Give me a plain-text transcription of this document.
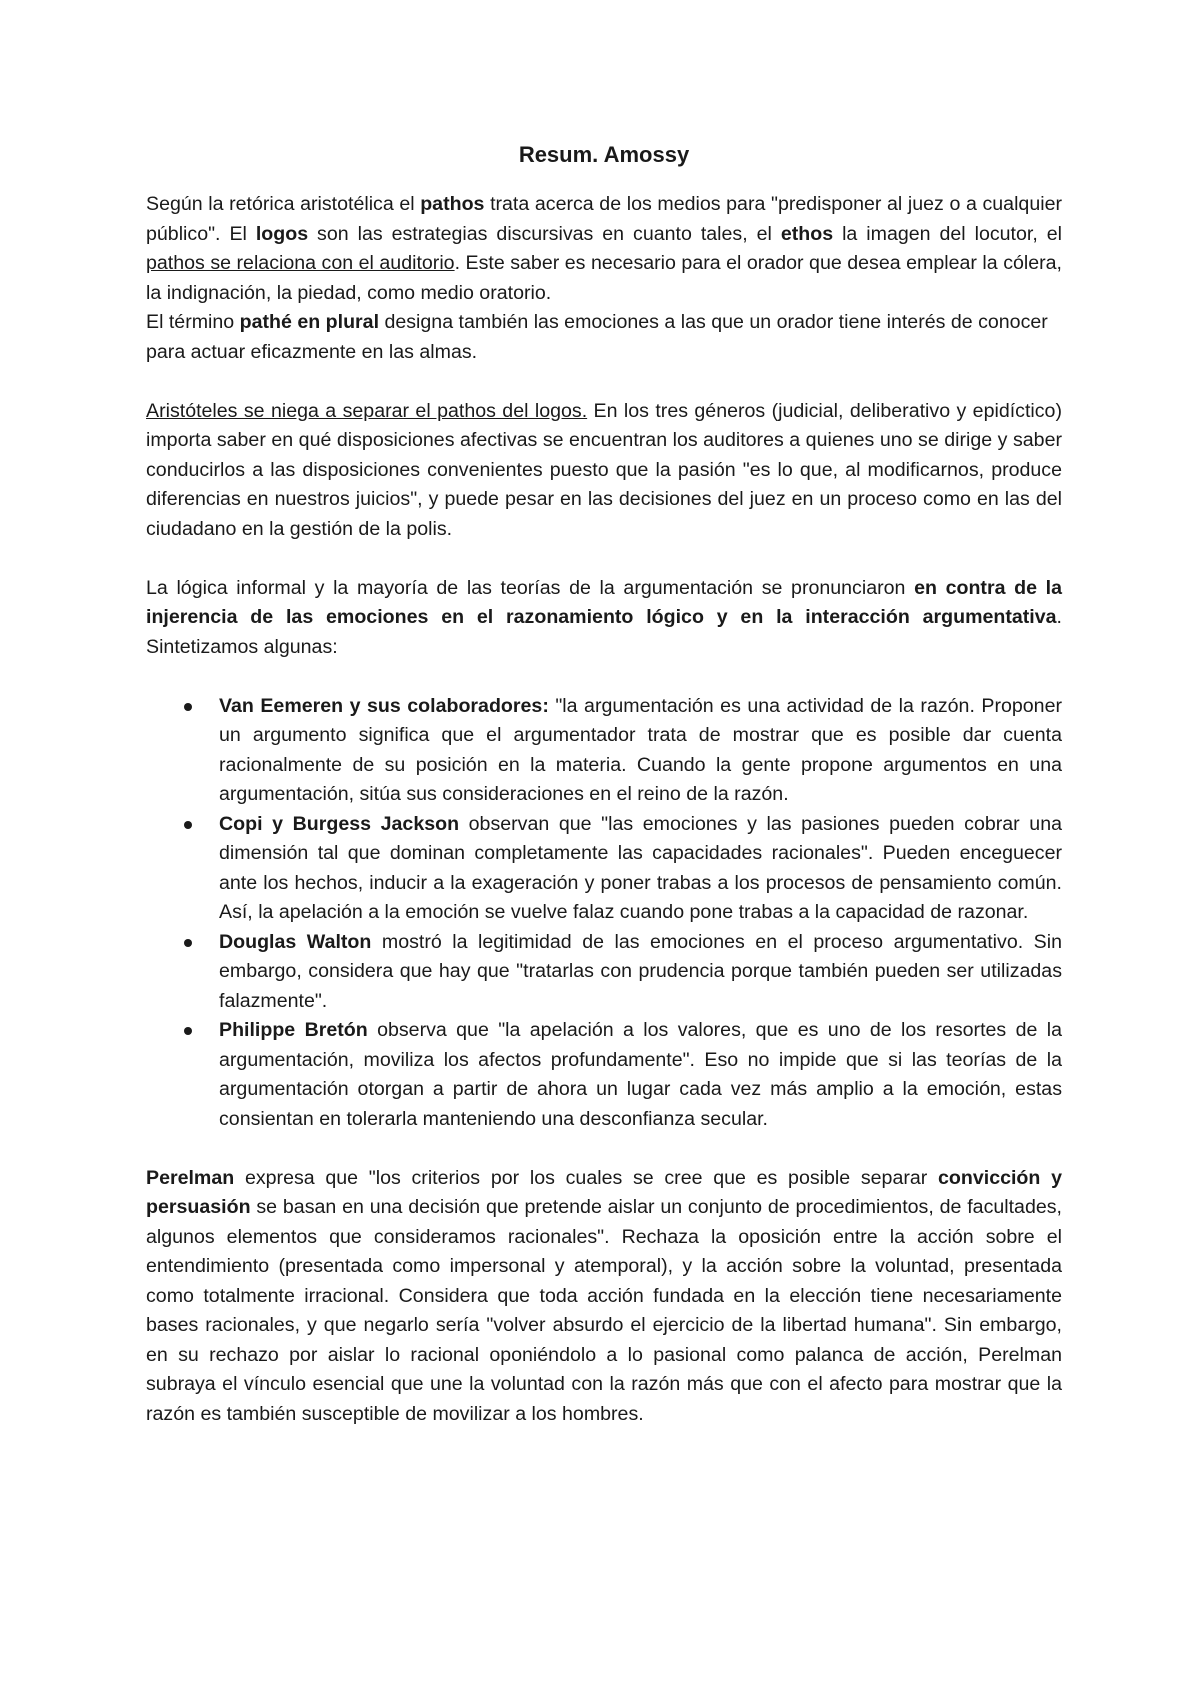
Resum. Amossy

Según la retórica aristotélica el pathos trata acerca de los medios para "predisponer al juez o a cualquier público". El logos son las estrategias discursivas en cuanto tales, el ethos la imagen del locutor, el pathos se relaciona con el auditorio. Este saber es necesario para el orador que desea emplear la cólera, la indignación, la piedad, como medio oratorio.

El término pathé en plural designa también las emociones a las que un orador tiene interés de conocer para actuar eficazmente en las almas.

Aristóteles se niega a separar el pathos del logos. En los tres géneros (judicial, deliberativo y epidíctico) importa saber en qué disposiciones afectivas se encuentran los auditores a quienes uno se dirige y saber conducirlos a las disposiciones convenientes puesto que la pasión "es lo que, al modificarnos, produce diferencias en nuestros juicios", y puede pesar en las decisiones del juez en un proceso como en las del ciudadano en la gestión de la polis.

La lógica informal y la mayoría de las teorías de la argumentación se pronunciaron en contra de la injerencia de las emociones en el razonamiento lógico y en la interacción argumentativa. Sintetizamos algunas:

Van Eemeren y sus colaboradores: "la argumentación es una actividad de la razón. Proponer un argumento significa que el argumentador trata de mostrar que es posible dar cuenta racionalmente de su posición en la materia. Cuando la gente propone argumentos en una argumentación, sitúa sus consideraciones en el reino de la razón.
Copi y Burgess Jackson observan que "las emociones y las pasiones pueden cobrar una dimensión tal que dominan completamente las capacidades racionales". Pueden enceguecer ante los hechos, inducir a la exageración y poner trabas a los procesos de pensamiento común. Así, la apelación a la emoción se vuelve falaz cuando pone trabas a la capacidad de razonar.
Douglas Walton mostró la legitimidad de las emociones en el proceso argumentativo. Sin embargo, considera que hay que "tratarlas con prudencia porque también pueden ser utilizadas falazmente".
Philippe Bretón observa que "la apelación a los valores, que es uno de los resortes de la argumentación, moviliza los afectos profundamente". Eso no impide que si las teorías de la argumentación otorgan a partir de ahora un lugar cada vez más amplio a la emoción, estas consientan en tolerarla manteniendo una desconfianza secular.

Perelman expresa que "los criterios por los cuales se cree que es posible separar convicción y persuasión se basan en una decisión que pretende aislar un conjunto de procedimientos, de facultades, algunos elementos que consideramos racionales". Rechaza la oposición entre la acción sobre el entendimiento (presentada como impersonal y atemporal), y la acción sobre la voluntad, presentada como totalmente irracional. Considera que toda acción fundada en la elección tiene necesariamente bases racionales, y que negarlo sería "volver absurdo el ejercicio de la libertad humana". Sin embargo, en su rechazo por aislar lo racional oponiéndolo a lo pasional como palanca de acción, Perelman subraya el vínculo esencial que une la voluntad con la razón más que con el afecto para mostrar que la razón es también susceptible de movilizar a los hombres.
